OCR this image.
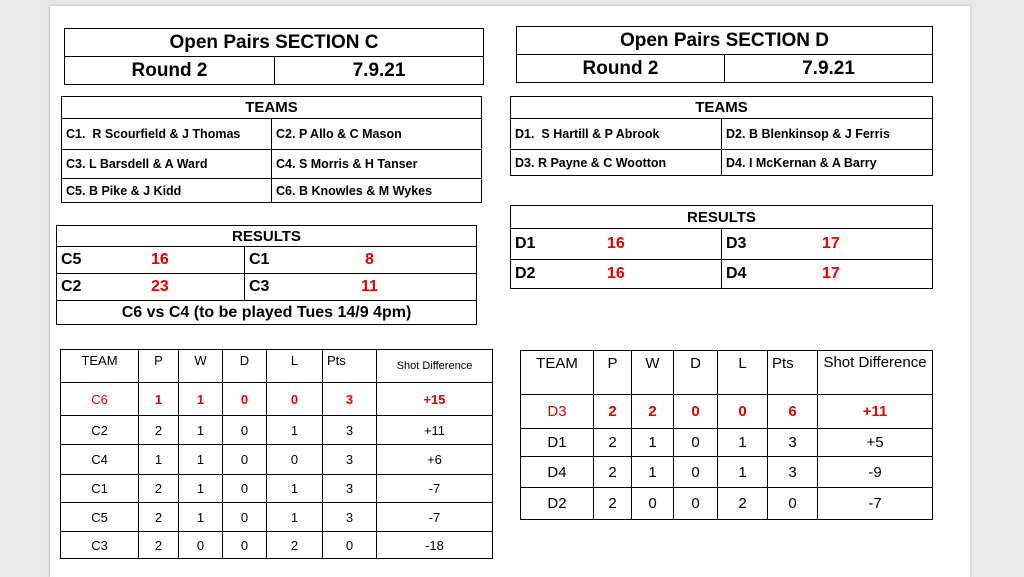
Open Pairs SECTION C
Round 2	7.9.21
TEAMS	
C1. R Scourfield & J Thomas	C2. P Allo & C Mason
C3. L Barsdell & A Ward	C4. S Morris & H Tanser
C5. B Pike & J Kidd	C6. B Knowles & M Wykes
RESULTS	
C5 16	C1 8
C2 23	C3 11
C6 vs C4 (to be played Tues 14/9 4pm)	
TEAM	P	W	D	L	Pts	Shot Difference
C6	1	1	0	0	3	+15
C2	2	1	0	1	3	+11
C4	1	1	0	0	3	+6
C1	2	1	0	1	3	-7
C5	2	1	0	1	3	-7
C3	2	0	0	2	0	-18
Open Pairs SECTION D
Round 2	7.9.21
TEAMS	
D1. S Hartill & P Abrook	D2. B Blenkinsop & J Ferris
D3. R Payne & C Wootton	D4. I McKernan & A Barry
RESULTS	
D1 16	D3 17
D2 16	D4 17
TEAM	P	W	D	L	Pts	Shot Difference
D3	2	2	0	0	6	+11
D1	2	1	0	1	3	+5
D4	2	1	0	1	3	-9
D2	2	0	0	2	0	-7
